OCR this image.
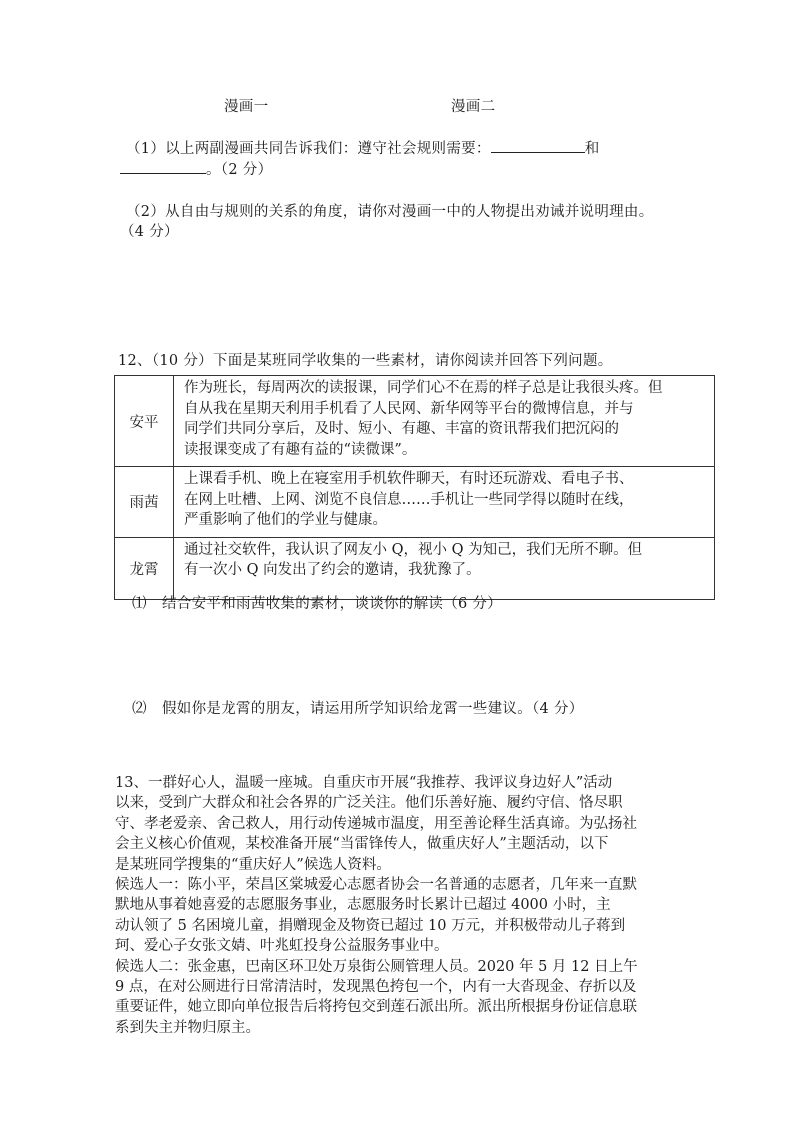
漫画一	漫画二
（1）以上两副漫画共同告诉我们：遵守社会规则需要：	和
。（2 分）
（2）从自由与规则的关系的角度，请你对漫画一中的人物提出劝诫并说明理由。
（4 分）
12、（10 分）下面是某班同学收集的一些素材，请你阅读并回答下列问题。
安平	作为班长，每周两次的读报课，同学们心不在焉的样子总是让我很头疼。但
自从我在星期天利用手机看了人民网、新华网等平台的微博信息，并与
同学们共同分享后，及时、短小、有趣、丰富的资讯帮我们把沉闷的
读报课变成了有趣有益的“读微课”。

雨茜	上课看手机、晚上在寝室用手机软件聊天，有时还玩游戏、看电子书、
在网上吐槽、上网、浏览不良信息……手机让一些同学得以随时在线，
严重影响了他们的学业与健康。

龙霄	通过社交软件，我认识了网友小 Q，视小 Q 为知己，我们无所不聊。但
有一次小 Q 向发出了约会的邀请，我犹豫了。
⑴ 结合安平和雨茜收集的素材，谈谈你的解读（6 分）
⑵ 假如你是龙霄的朋友，请运用所学知识给龙霄一些建议。（4 分）

13、一群好心人，温暖一座城。自重庆市开展“我推荐、我评议身边好人”活动

以来，受到广大群众和社会各界的广泛关注。他们乐善好施、履约守信、恪尽职

守、孝老爱亲、舍己救人，用行动传递城市温度，用至善论释生活真谛。为弘扬社

会主义核心价值观，某校准备开展“当雷锋传人，做重庆好人”主题活动，以下

是某班同学搜集的“重庆好人”候选人资料。

候选人一：陈小平，荣昌区棠城爱心志愿者协会一名普通的志愿者，几年来一直默

默地从事着她喜爱的志愿服务事业，志愿服务时长累计已超过 4000 小时，主

动认领了 5 名困境儿童，捐赠现金及物资已超过 10 万元，并积极带动儿子蒋到

珂、爱心子女张文婧、叶兆虹投身公益服务事业中。

候选人二：张金惠，巴南区环卫处万泉街公厕管理人员。2020 年 5 月 12 日上午

9 点，在对公厕进行日常清洁时，发现黑色挎包一个，内有一大沓现金、存折以及

重要证件，她立即向单位报告后将挎包交到莲石派出所。派出所根据身份证信息联

系到失主并物归原主。
